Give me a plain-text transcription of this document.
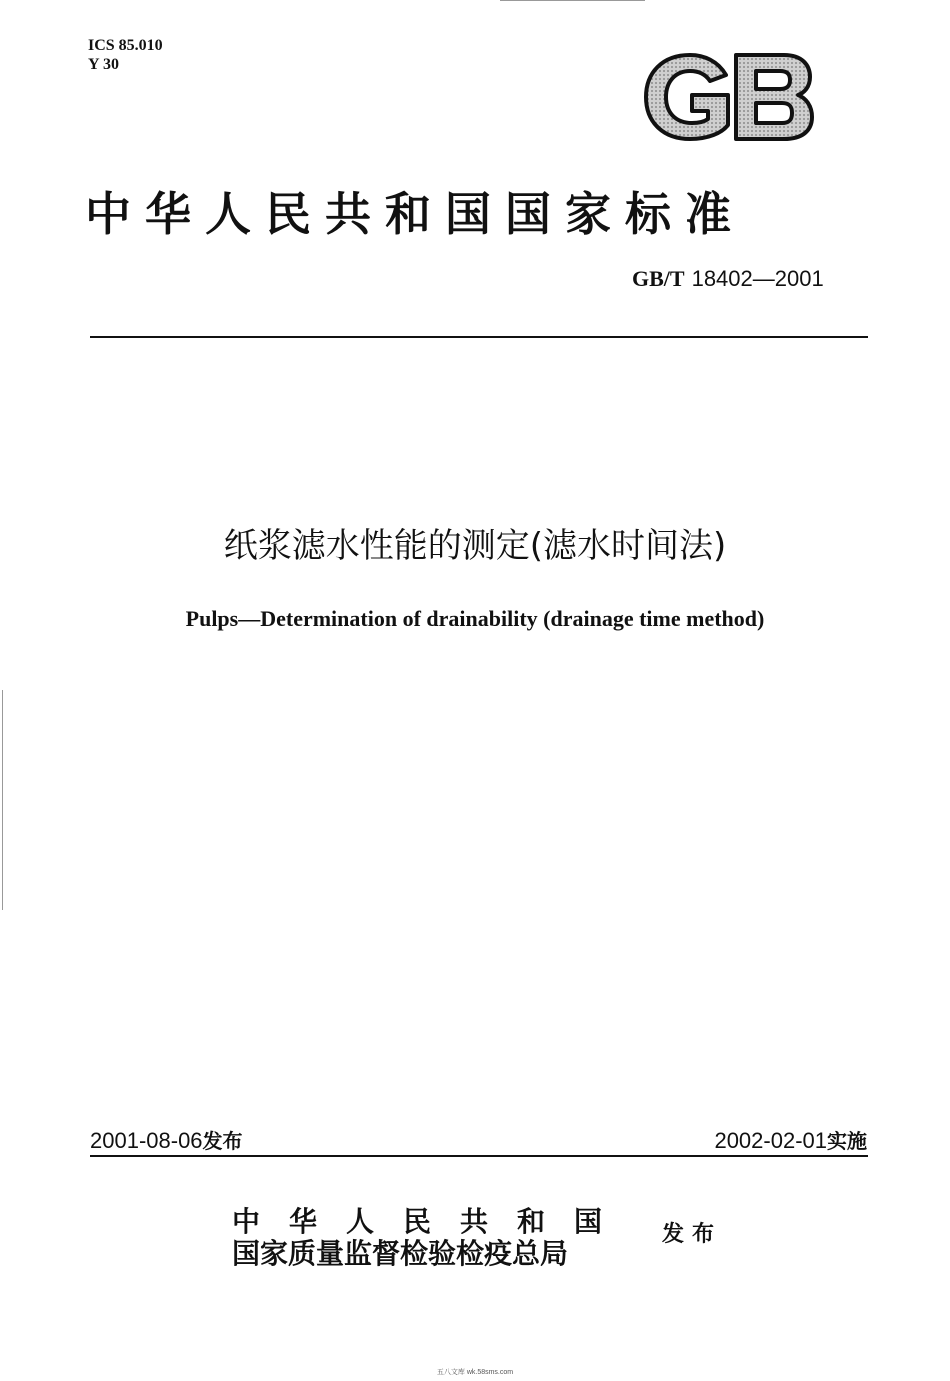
ICS 85.010
Y 30
中华人民共和国国家标准
GB/T 18402—2001
纸浆滤水性能的测定(滤水时间法)
Pulps—Determination of drainability (drainage time method)
2001-08-06发布	2002-02-01实施
中华人民共和国
国家质量监督检验检疫总局
发布
五八文库 wk.58sms.com
